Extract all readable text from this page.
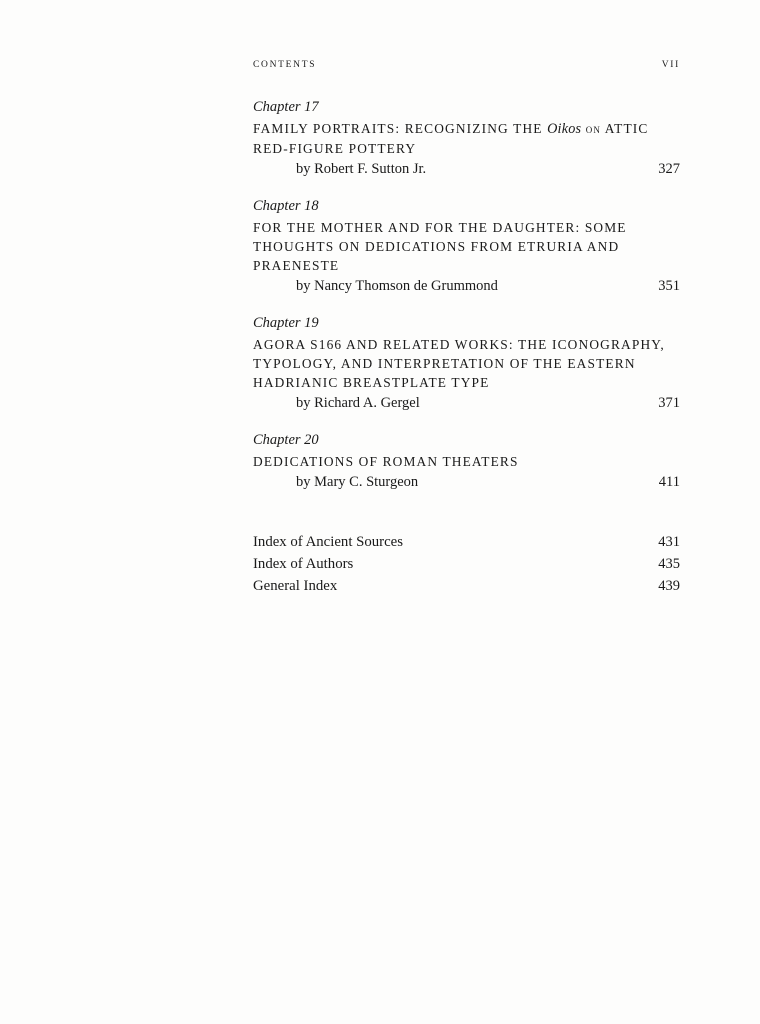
CONTENTS	VII
Chapter 17
FAMILY PORTRAITS: RECOGNIZING THE Oikos on ATTIC RED-FIGURE POTTERY
by Robert F. Sutton Jr.	327
Chapter 18
FOR THE MOTHER AND FOR THE DAUGHTER: SOME THOUGHTS ON DEDICATIONS FROM ETRURIA AND PRAENESTE
by Nancy Thomson de Grummond	351
Chapter 19
AGORA S166 AND RELATED WORKS: THE ICONOGRAPHY, TYPOLOGY, AND INTERPRETATION OF THE EASTERN HADRIANIC BREASTPLATE TYPE
by Richard A. Gergel	371
Chapter 20
DEDICATIONS OF ROMAN THEATERS
by Mary C. Sturgeon	411
Index of Ancient Sources	431
Index of Authors	435
General Index	439
